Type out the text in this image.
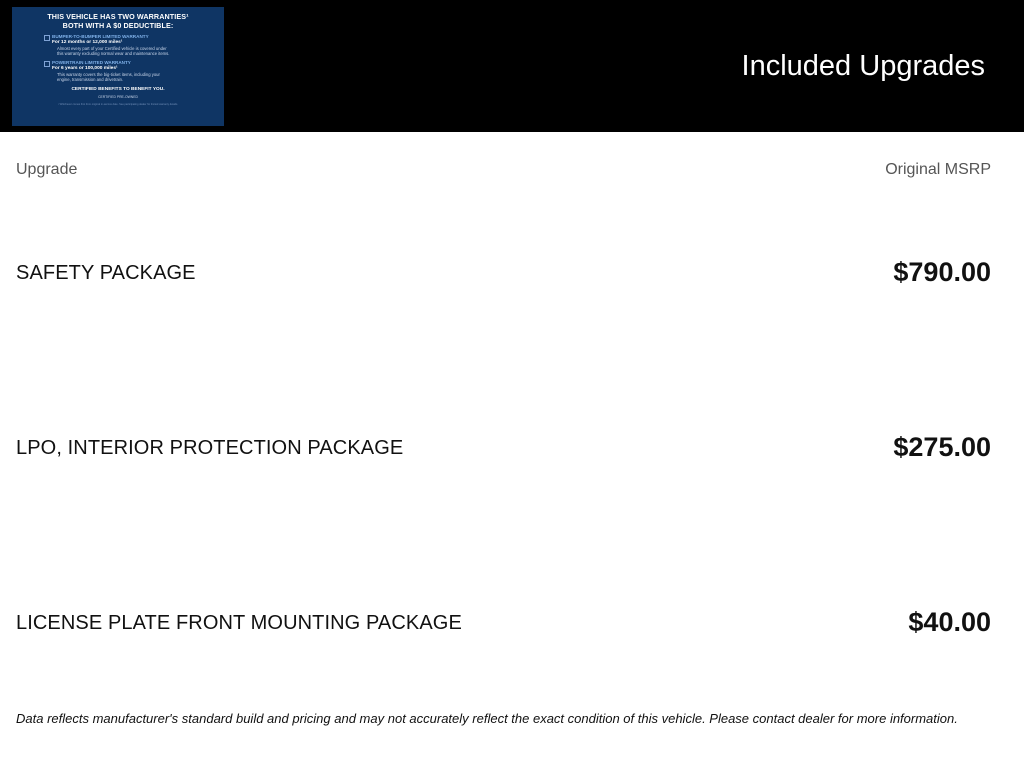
THIS VEHICLE HAS TWO WARRANTIES¹
BOTH WITH A $0 DEDUCTIBLE:
BUMPER-TO-BUMPER LIMITED WARRANTY
For 12 months or 12,000 miles¹
Almost every part of your Certified vehicle is covered under
this warranty excluding normal wear and maintenance items.
POWERTRAIN LIMITED WARRANTY
For 6 years or 100,000 miles¹
This warranty covers the big-ticket items, including your
engine, transmission and drivetrain.
CERTIFIED BENEFITS TO BENEFIT YOU.
CERTIFIED PRE-OWNED
¹ Whichever comes first from original in-service date. See participating dealer for limited warranty details.
Included Upgrades
Upgrade	Original MSRP
SAFETY PACKAGE	$790.00
LPO, INTERIOR PROTECTION PACKAGE	$275.00
LICENSE PLATE FRONT MOUNTING PACKAGE	$40.00
Data reflects manufacturer's standard build and pricing and may not accurately reflect the exact condition of this vehicle. Please contact dealer for more information.
